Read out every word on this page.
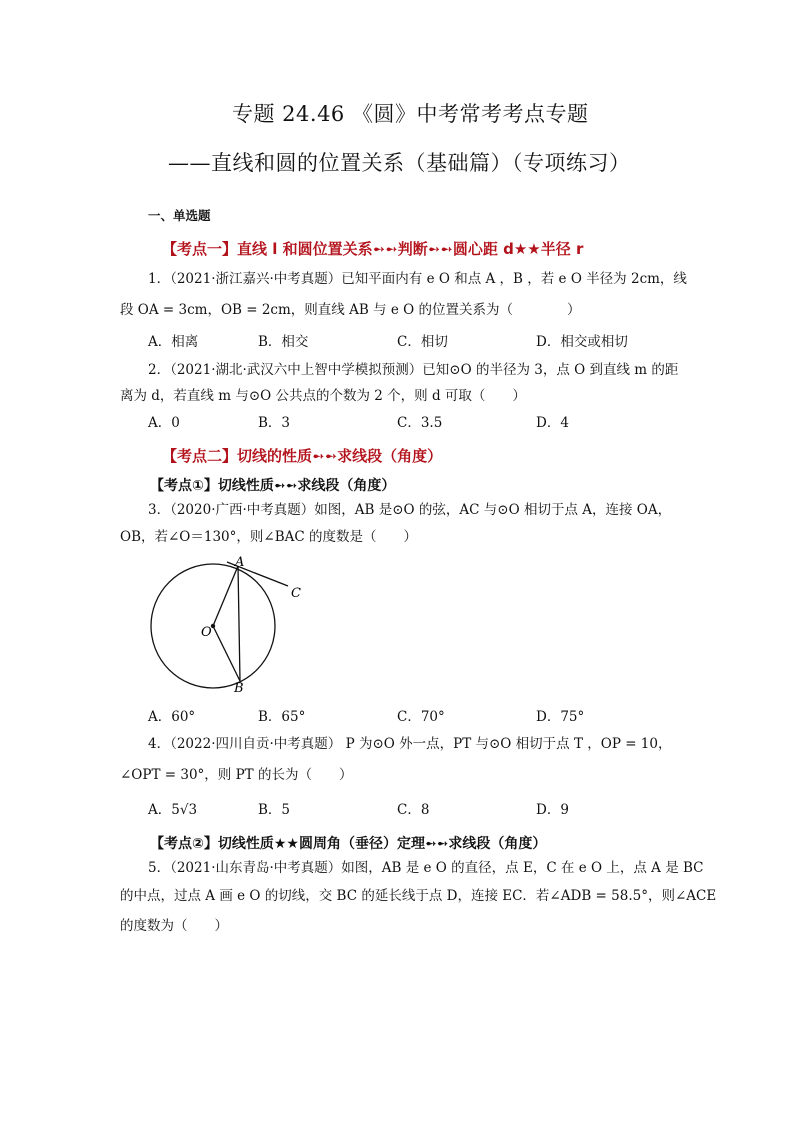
专题 24.46 《圆》中考常考考点专题
——直线和圆的位置关系（基础篇）（专项练习）
一、单选题
【考点一】直线 l 和圆位置关系➻➻判断➻➻圆心距 d★★半径 r
1．（2021·浙江嘉兴·中考真题）已知平面内有 e O 和点 A ，B ，若 e O 半径为 2cm，线
段 OA = 3cm，OB = 2cm，则直线 AB 与 e O 的位置关系为（　　　　）
A．相离	B．相交	C．相切	D．相交或相切
2．（2021·湖北·武汉六中上智中学模拟预测）已知⊙O 的半径为 3，点 O 到直线 m 的距
离为 d，若直线 m 与⊙O 公共点的个数为 2 个，则 d 可取（　　）
A．0	B．3	C．3.5	D．4
【考点二】切线的性质➻➻求线段（角度）
【考点①】切线性质➻➻求线段（角度）
3．（2020·广西·中考真题）如图，AB 是⊙O 的弦，AC 与⊙O 相切于点 A，连接 OA，
OB，若∠O＝130°，则∠BAC 的度数是（　　）
A
B
C
O
A．60°	B．65°	C．70°	D．75°
4．（2022·四川自贡·中考真题） P 为⊙O 外一点，PT 与⊙O 相切于点 T ，OP = 10，
∠OPT = 30°，则 PT 的长为（　　）
A．5√3	B．5	C．8	D．9
【考点②】切线性质★★圆周角（垂径）定理➻➻求线段（角度）
5．（2021·山东青岛·中考真题）如图，AB 是 e O 的直径，点 E，C 在 e O 上，点 A 是 BC
的中点，过点 A 画 e O 的切线，交 BC 的延长线于点 D，连接 EC．若∠ADB = 58.5°，则∠ACE
的度数为（　　）
